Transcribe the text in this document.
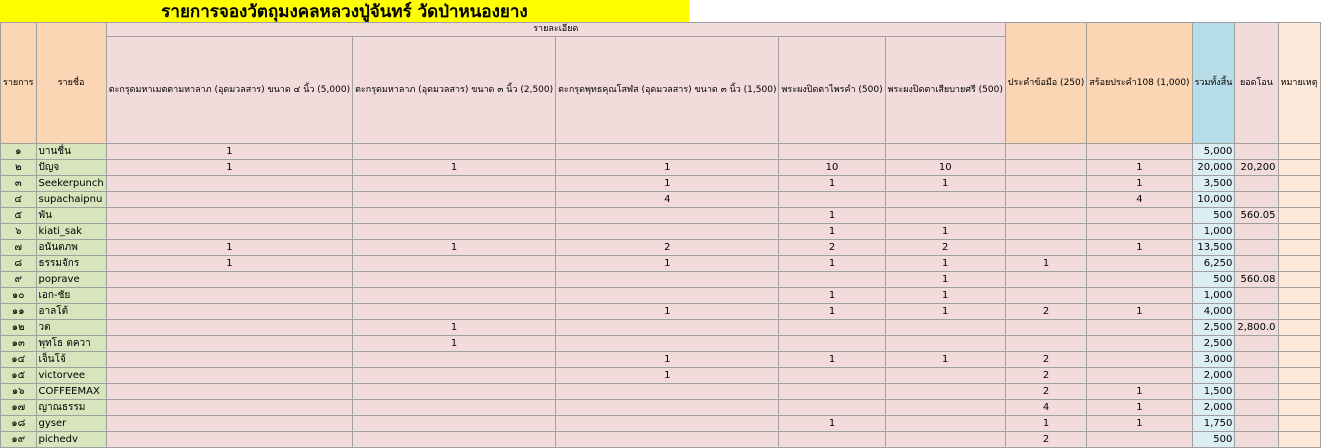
รายการจองวัตถุมงคลหลวงปู่จันทร์ วัดป่าหนองยาง
รายการ	รายชื่อ	รายละเอียด					ประคำข้อมือ (250)	สร้อยประคำ108 (1,000)	รวมทั้งสิ้น	ยอดโอน	หมายเหตุ
		ตะกรุดมหาเมตตามหาลาภ (อุดมวลสาร) ขนาด ๔ นิ้ว (5,000)	ตะกรุดมหาลาภ (อุดมวลสาร) ขนาด ๓ นิ้ว (2,500)	ตะกรุดพุทธคุณโสฬส (อุดมวลสาร) ขนาด ๓ นิ้ว (1,500)	พระผงปิดตาไพรคำ (500)	พระผงปิดตาเสียบายศรี (500)					
๑	บานชื่น	1							5,000		
๒	ปัญจ	1	1	1	10	10		1	20,000	20,200	
๓	Seekerpunch			1	1	1		1	3,500		
๔	supachaipnu			4				4	10,000		
๕	พัน				1				500	560.05	
๖	kiati_sak				1	1			1,000		
๗	อนันตภพ	1	1	2	2	2		1	13,500		
๘	ธรรมจักร	1		1	1	1	1		6,250		
๙	poprave					1			500	560.08	
๑๐	เอก-ชัย				1	1			1,000		
๑๑	อาลโต้			1	1	1	2	1	4,000		
๑๒	วต		1						2,500	2,800.0	
๑๓	พุทโธ ตควา		1						2,500		
๑๔	เจ็นโจ้			1	1	1	2		3,000		
๑๕	victorvee			1			2		2,000		
๑๖	COFFEEMAX						2	1	1,500		
๑๗	ญาณธรรม						4	1	2,000		
๑๘	gyser				1		1	1	1,750		
๑๙	pichedv						2		500		
